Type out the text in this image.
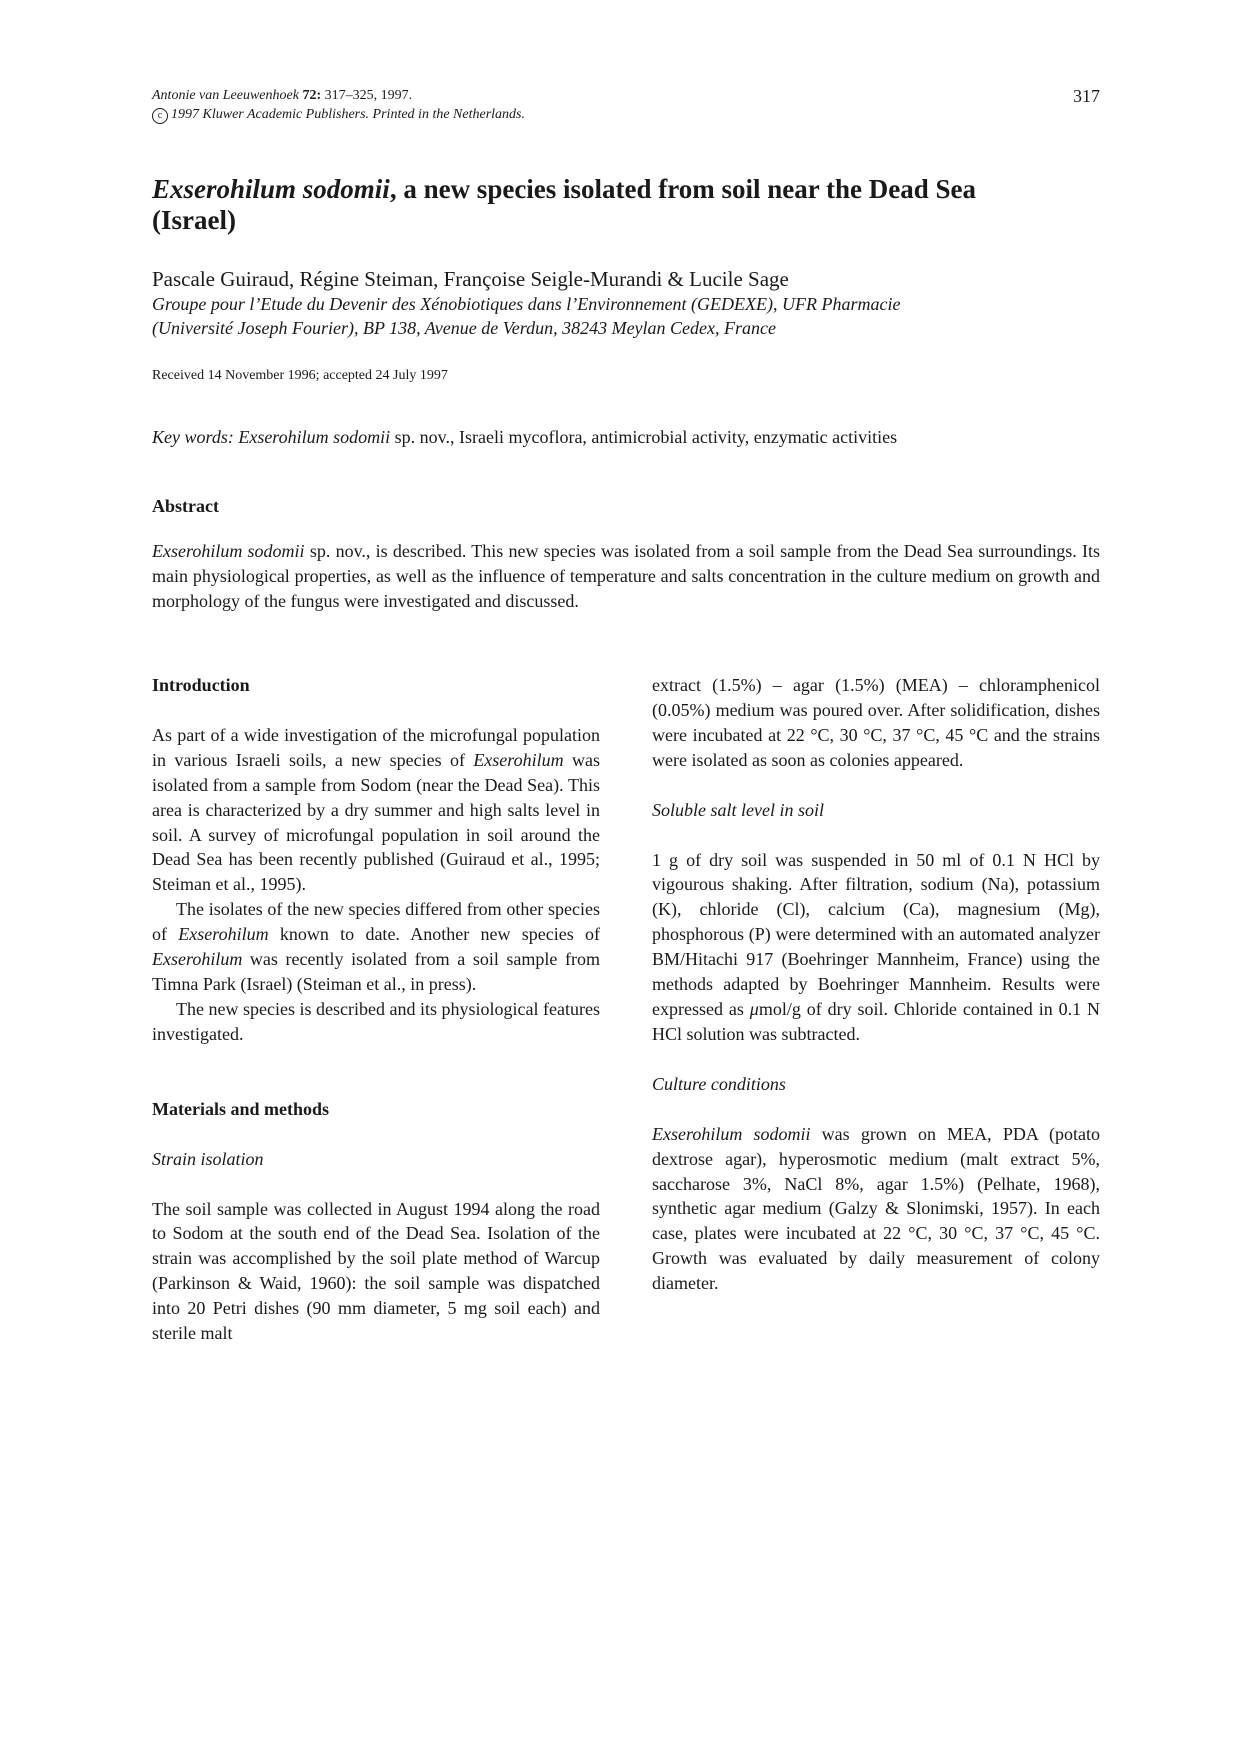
Antonie van Leeuwenhoek 72: 317–325, 1997.
c 1997 Kluwer Academic Publishers. Printed in the Netherlands.
317
Exserohilum sodomii, a new species isolated from soil near the Dead Sea (Israel)
Pascale Guiraud, Régine Steiman, Françoise Seigle-Murandi & Lucile Sage
Groupe pour l’Etude du Devenir des Xénobiotiques dans l’Environnement (GEDEXE), UFR Pharmacie
(Université Joseph Fourier), BP 138, Avenue de Verdun, 38243 Meylan Cedex, France
Received 14 November 1996; accepted 24 July 1997
Key words: Exserohilum sodomii sp. nov., Israeli mycoflora, antimicrobial activity, enzymatic activities
Abstract
Exserohilum sodomii sp. nov., is described. This new species was isolated from a soil sample from the Dead Sea surroundings. Its main physiological properties, as well as the influence of temperature and salts concentration in the culture medium on growth and morphology of the fungus were investigated and discussed.

Introduction

As part of a wide investigation of the microfungal population in various Israeli soils, a new species of Exserohilum was isolated from a sample from Sodom (near the Dead Sea). This area is characterized by a dry summer and high salts level in soil. A survey of microfungal population in soil around the Dead Sea has been recently published (Guiraud et al., 1995; Steiman et al., 1995).

The isolates of the new species differed from other species of Exserohilum known to date. Another new species of Exserohilum was recently isolated from a soil sample from Timna Park (Israel) (Steiman et al., in press).

The new species is described and its physiological features investigated.

Materials and methods

Strain isolation

The soil sample was collected in August 1994 along the road to Sodom at the south end of the Dead Sea. Isolation of the strain was accomplished by the soil plate method of Warcup (Parkinson & Waid, 1960): the soil sample was dispatched into 20 Petri dishes (90 mm diameter, 5 mg soil each) and sterile malt

extract (1.5%) – agar (1.5%) (MEA) – chloramphenicol (0.05%) medium was poured over. After solidification, dishes were incubated at 22 °C, 30 °C, 37 °C, 45 °C and the strains were isolated as soon as colonies appeared.

Soluble salt level in soil

1 g of dry soil was suspended in 50 ml of 0.1 N HCl by vigourous shaking. After filtration, sodium (Na), potassium (K), chloride (Cl), calcium (Ca), magnesium (Mg), phosphorous (P) were determined with an automated analyzer BM/Hitachi 917 (Boehringer Mannheim, France) using the methods adapted by Boehringer Mannheim. Results were expressed as μmol/g of dry soil. Chloride contained in 0.1 N HCl solution was subtracted.

Culture conditions

Exserohilum sodomii was grown on MEA, PDA (potato dextrose agar), hyperosmotic medium (malt extract 5%, saccharose 3%, NaCl 8%, agar 1.5%) (Pelhate, 1968), synthetic agar medium (Galzy & Slonimski, 1957). In each case, plates were incubated at 22 °C, 30 °C, 37 °C, 45 °C. Growth was evaluated by daily measurement of colony diameter.
